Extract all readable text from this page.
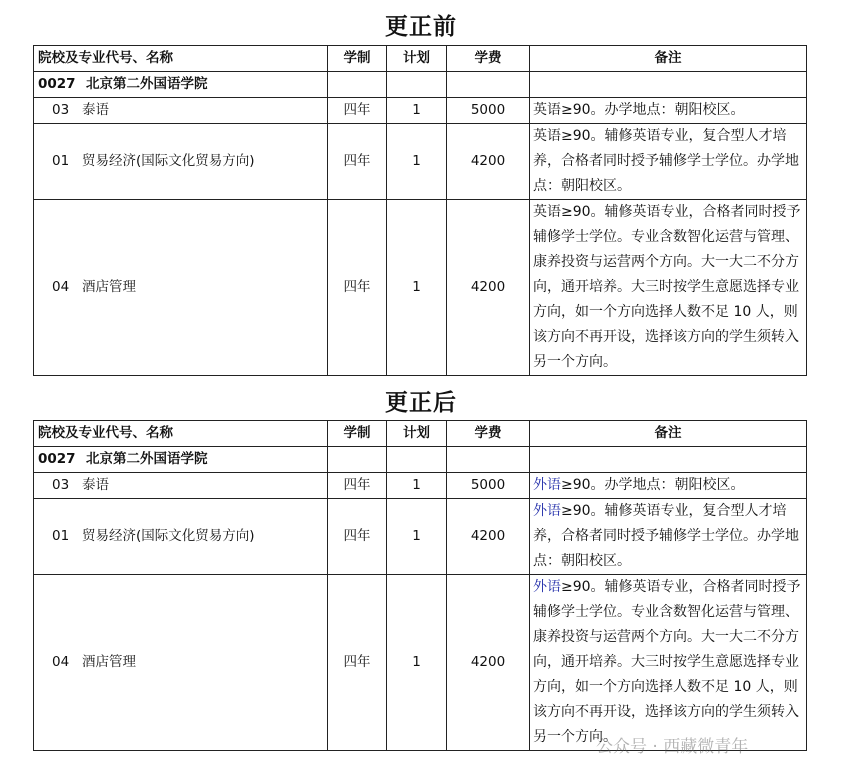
更正前
院校及专业代号、名称	学制	计划	学费	备注
0027 北京第二外国语学院				
03 泰语	四年	1	5000	英语≥90。办学地点：朝阳校区。
01 贸易经济(国际文化贸易方向)	四年	1	4200	英语≥90。辅修英语专业，复合型人才培养，合格者同时授予辅修学士学位。办学地点：朝阳校区。
04 酒店管理	四年	1	4200	英语≥90。辅修英语专业，合格者同时授予辅修学士学位。专业含数智化运营与管理、康养投资与运营两个方向。大一大二不分方向，通开培养。大三时按学生意愿选择专业方向，如一个方向选择人数不足 10 人，则该方向不再开设，选择该方向的学生须转入另一个方向。
更正后
院校及专业代号、名称	学制	计划	学费	备注
0027 北京第二外国语学院				
03 泰语	四年	1	5000	外语≥90。办学地点：朝阳校区。
01 贸易经济(国际文化贸易方向)	四年	1	4200	外语≥90。辅修英语专业，复合型人才培养，合格者同时授予辅修学士学位。办学地点：朝阳校区。
04 酒店管理	四年	1	4200	外语≥90。辅修英语专业，合格者同时授予辅修学士学位。专业含数智化运营与管理、康养投资与运营两个方向。大一大二不分方向，通开培养。大三时按学生意愿选择专业方向，如一个方向选择人数不足 10 人，则该方向不再开设，选择该方向的学生须转入另一个方向。
公众号 · 西藏微青年
